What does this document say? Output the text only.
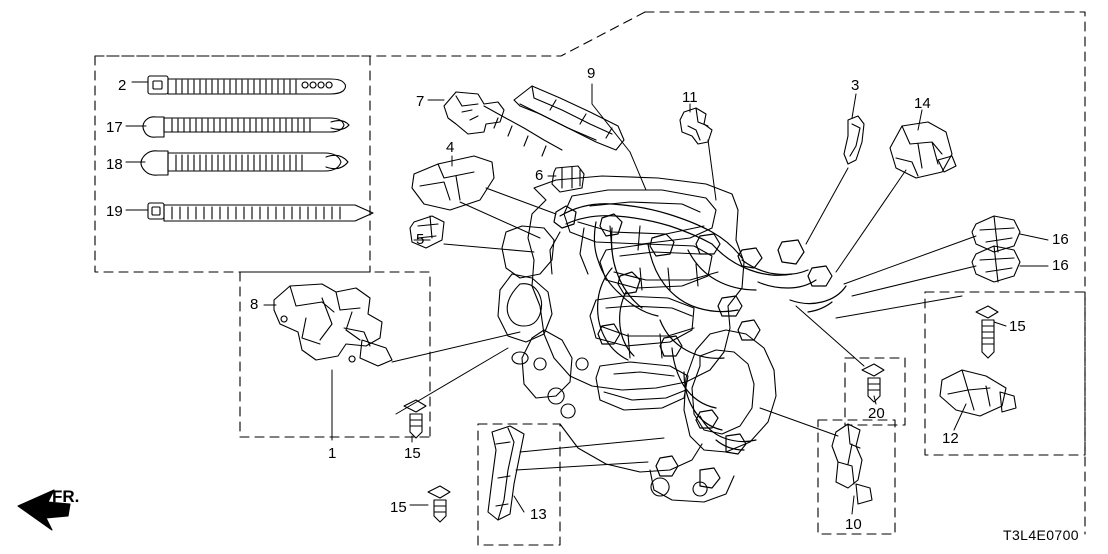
2
17
18
19
7
9
11
3
14
4
6
5	16
16
8
15
12
20
1	15
15	13
10
FR.
T3L4E0700
